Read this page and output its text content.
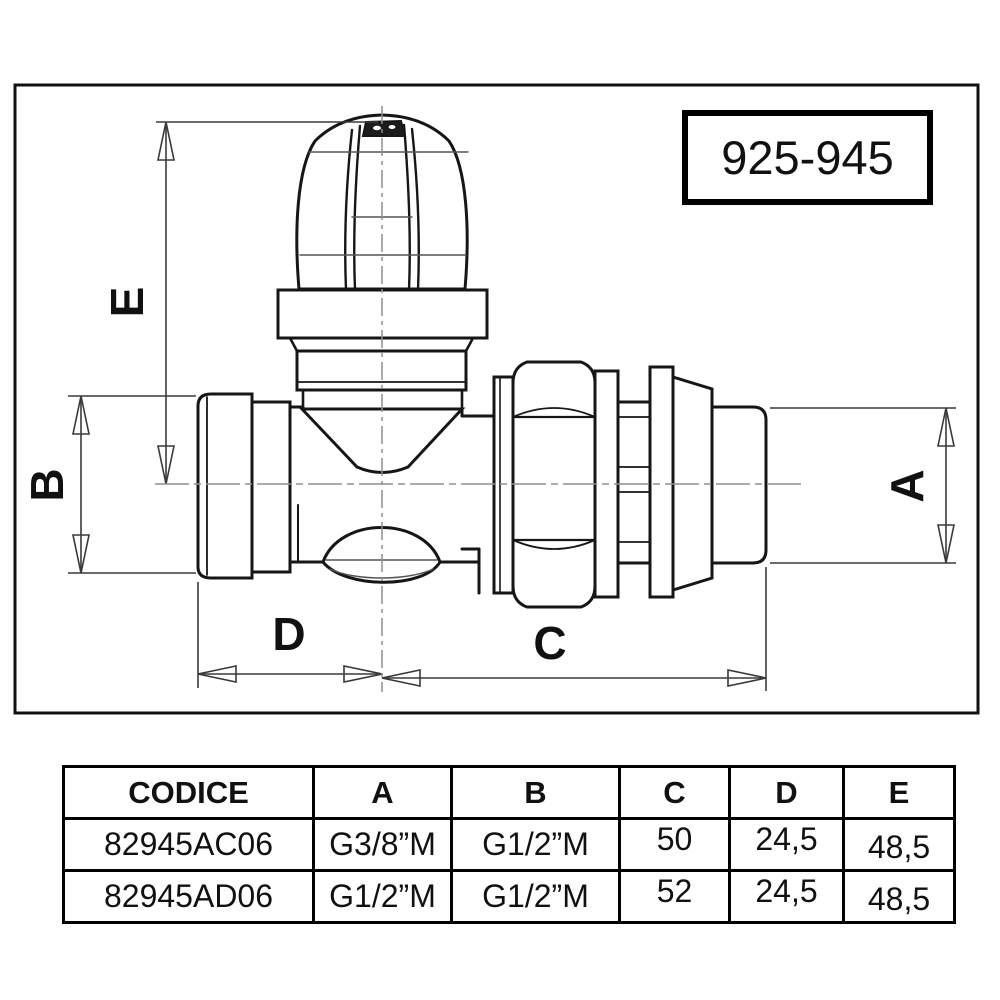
E
B	A
D	C
925-945
CODICE	A	B	C	D	E
82945AC06	G3/8”M	G1/2”M	50	24,5	48,5
82945AD06	G1/2”M	G1/2”M	52	24,5	48,5
